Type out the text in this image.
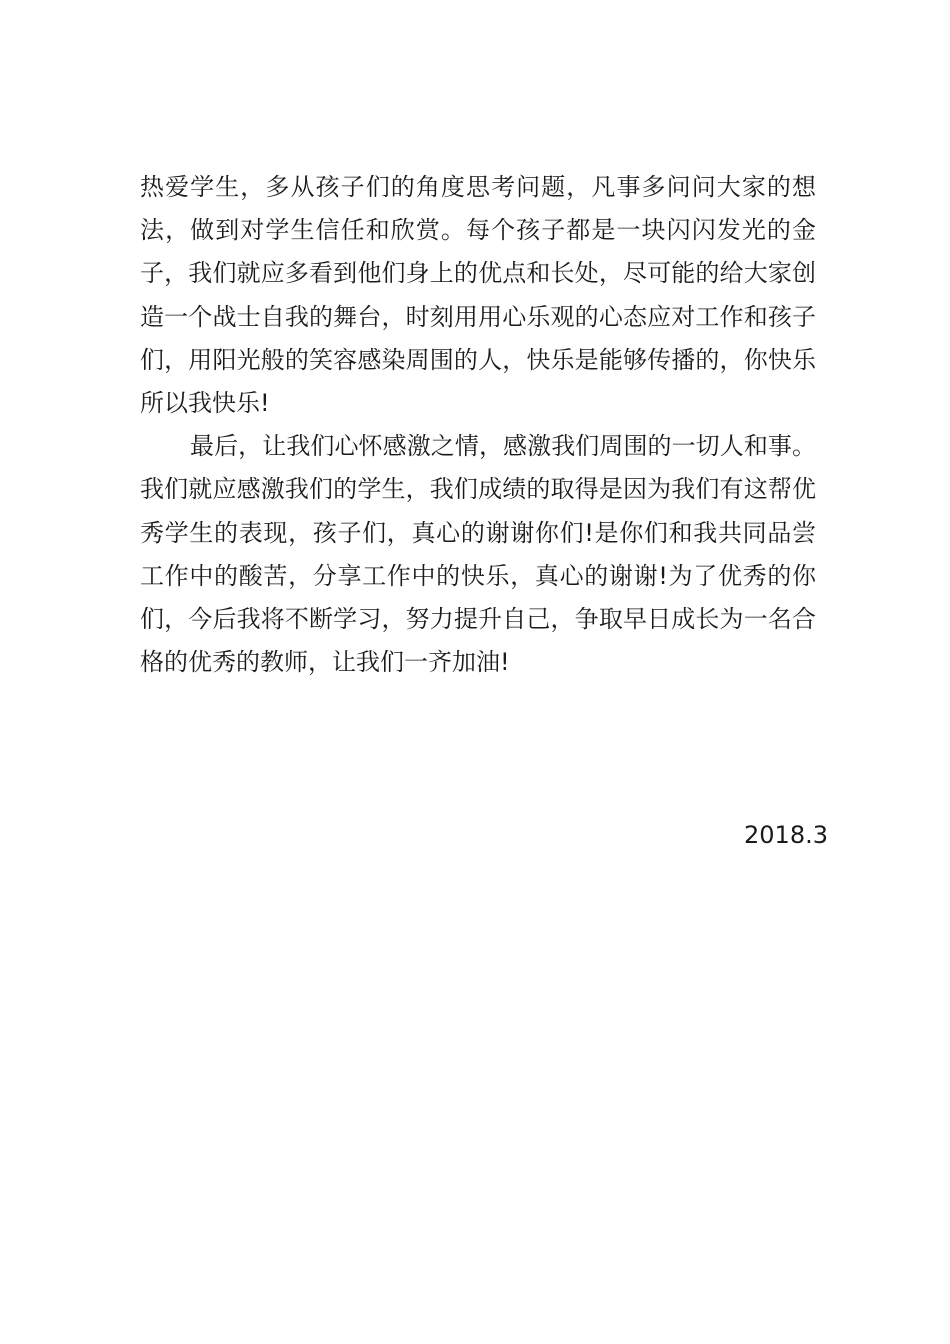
热爱学生，多从孩子们的角度思考问题，凡事多问问大家的想法，做到对学生信任和欣赏。每个孩子都是一块闪闪发光的金子，我们就应多看到他们身上的优点和长处，尽可能的给大家创造一个战士自我的舞台，时刻用用心乐观的心态应对工作和孩子们，用阳光般的笑容感染周围的人，快乐是能够传播的，你快乐所以我快乐!

最后，让我们心怀感激之情，感激我们周围的一切人和事。我们就应感激我们的学生，我们成绩的取得是因为我们有这帮优秀学生的表现，孩子们，真心的谢谢你们!是你们和我共同品尝工作中的酸苦，分享工作中的快乐，真心的谢谢!为了优秀的你们，今后我将不断学习，努力提升自己，争取早日成长为一名合格的优秀的教师，让我们一齐加油!

2018.3
